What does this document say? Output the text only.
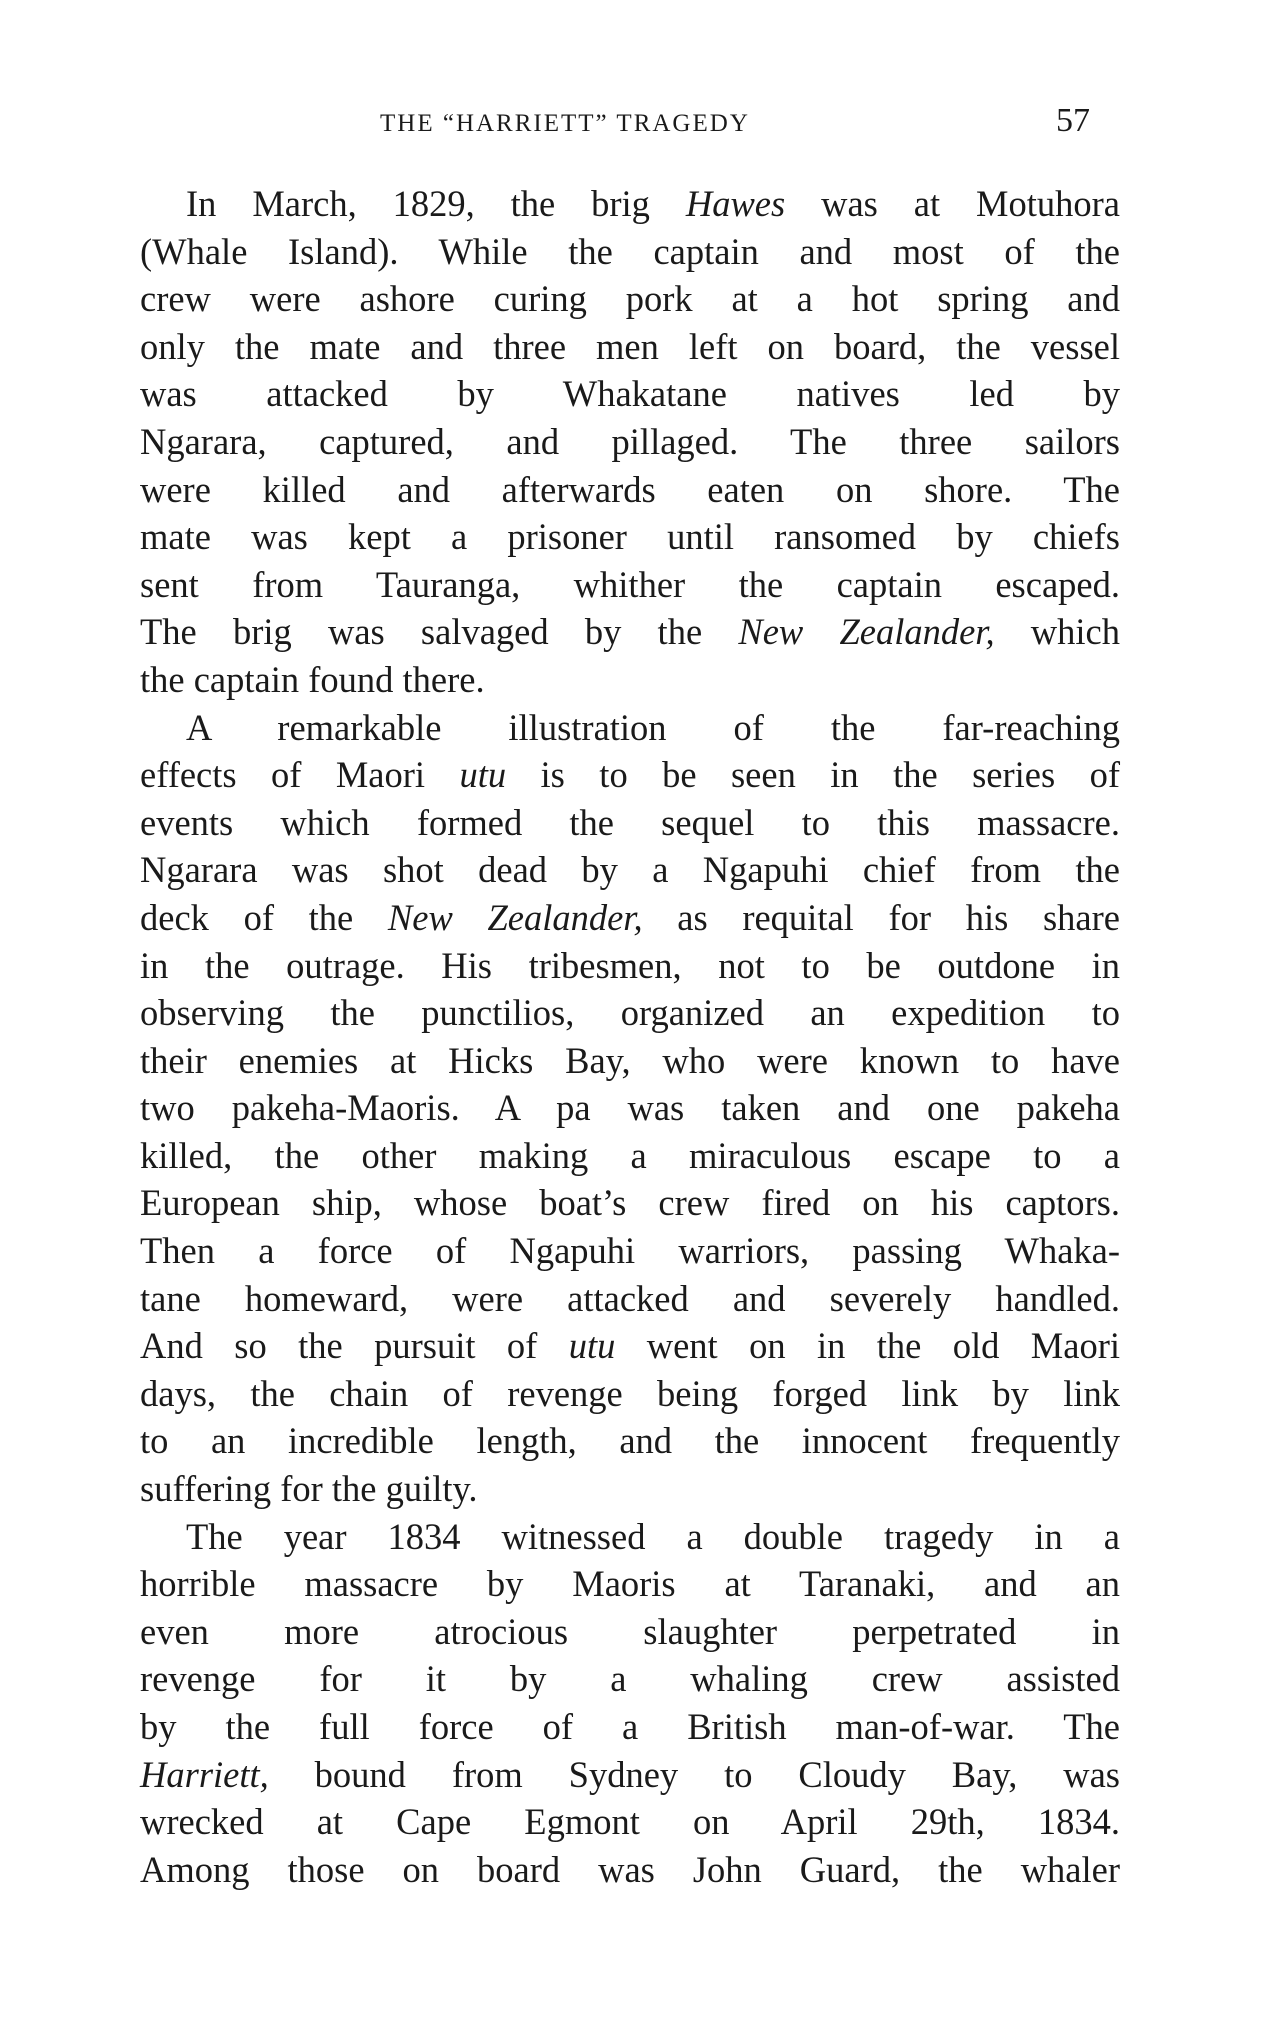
THE “HARRIETT” TRAGEDY	57
In March, 1829, the brig Hawes was at Motuhora
(Whale Island). While the captain and most of the
crew were ashore curing pork at a hot spring and
only the mate and three men left on board, the vessel
was attacked by Whakatane natives led by
Ngarara, captured, and pillaged. The three sailors
were killed and afterwards eaten on shore. The
mate was kept a prisoner until ransomed by chiefs
sent from Tauranga, whither the captain escaped.
The brig was salvaged by the New Zealander, which
the captain found there.
A remarkable illustration of the far-reaching
effects of Maori utu is to be seen in the series of
events which formed the sequel to this massacre.
Ngarara was shot dead by a Ngapuhi chief from the
deck of the New Zealander, as requital for his share
in the outrage. His tribesmen, not to be outdone in
observing the punctilios, organized an expedition to
their enemies at Hicks Bay, who were known to have
two pakeha-Maoris. A pa was taken and one pakeha
killed, the other making a miraculous escape to a
European ship, whose boat’s crew fired on his captors.
Then a force of Ngapuhi warriors, passing Whaka-
tane homeward, were attacked and severely handled.
And so the pursuit of utu went on in the old Maori
days, the chain of revenge being forged link by link
to an incredible length, and the innocent frequently
suffering for the guilty.
The year 1834 witnessed a double tragedy in a
horrible massacre by Maoris at Taranaki, and an
even more atrocious slaughter perpetrated in
revenge for it by a whaling crew assisted
by the full force of a British man-of-war. The
Harriett, bound from Sydney to Cloudy Bay, was
wrecked at Cape Egmont on April 29th, 1834.
Among those on board was John Guard, the whaler
